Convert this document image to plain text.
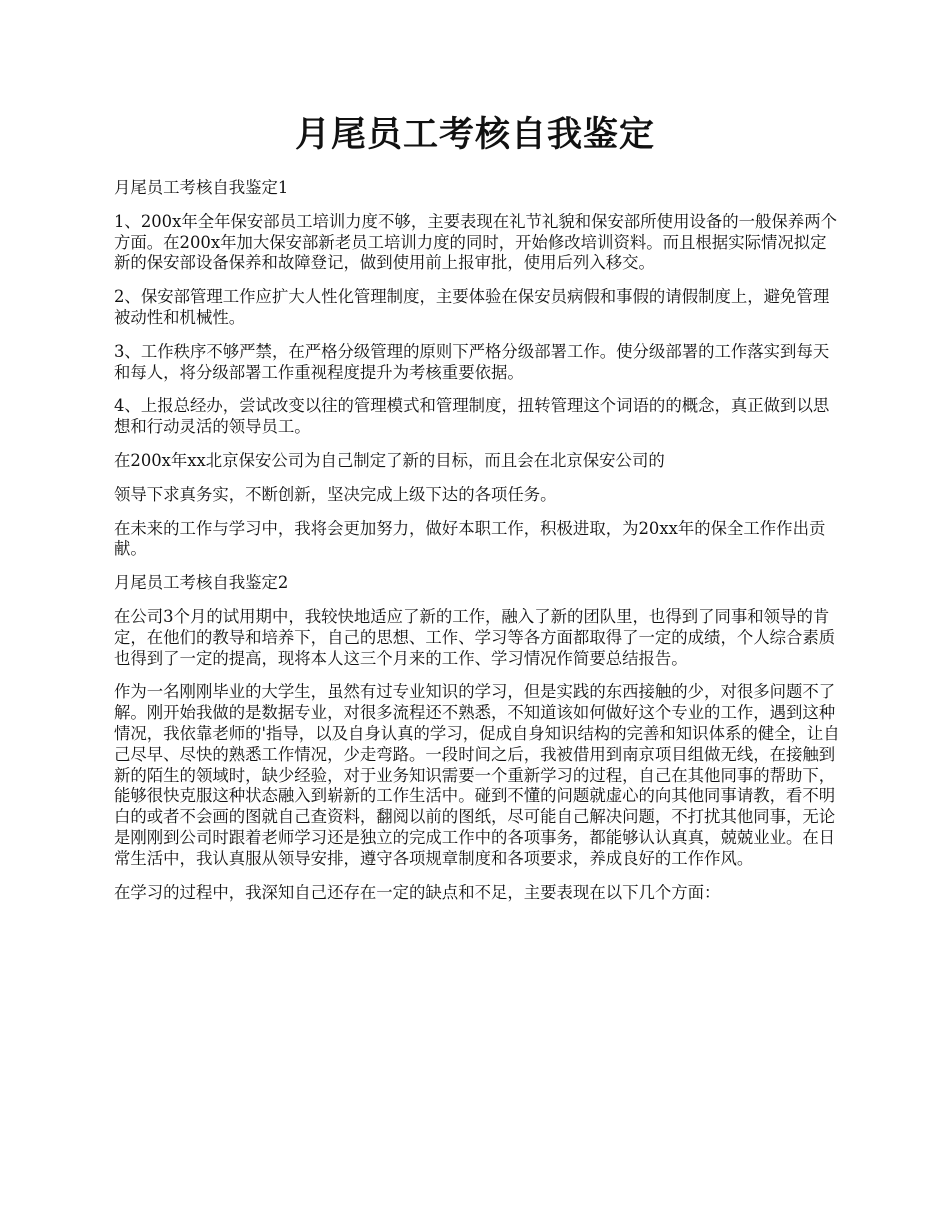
月尾员工考核自我鉴定

月尾员工考核自我鉴定1

1、200x年全年保安部员工培训力度不够，主要表现在礼节礼貌和保安部所使用设备的一般保养两个方面。在200x年加大保安部新老员工培训力度的同时，开始修改培训资料。而且根据实际情况拟定新的保安部设备保养和故障登记，做到使用前上报审批，使用后列入移交。

2、保安部管理工作应扩大人性化管理制度，主要体验在保安员病假和事假的请假制度上，避免管理被动性和机械性。

3、工作秩序不够严禁，在严格分级管理的原则下严格分级部署工作。使分级部署的工作落实到每天和每人，将分级部署工作重视程度提升为考核重要依据。

4、上报总经办，尝试改变以往的管理模式和管理制度，扭转管理这个词语的的概念，真正做到以思想和行动灵活的领导员工。

在200x年xx北京保安公司为自己制定了新的目标，而且会在北京保安公司的

领导下求真务实，不断创新，坚决完成上级下达的各项任务。

在未来的工作与学习中，我将会更加努力，做好本职工作，积极进取，为20xx年的保全工作作出贡献。

月尾员工考核自我鉴定2

在公司3个月的试用期中，我较快地适应了新的工作，融入了新的团队里，也得到了同事和领导的肯定，在他们的教导和培养下，自己的思想、工作、学习等各方面都取得了一定的成绩，个人综合素质也得到了一定的提高，现将本人这三个月来的工作、学习情况作简要总结报告。

作为一名刚刚毕业的大学生，虽然有过专业知识的学习，但是实践的东西接触的少，对很多问题不了解。刚开始我做的是数据专业，对很多流程还不熟悉，不知道该如何做好这个专业的工作，遇到这种情况，我依靠老师的'指导，以及自身认真的学习，促成自身知识结构的完善和知识体系的健全，让自己尽早、尽快的熟悉工作情况，少走弯路。一段时间之后，我被借用到南京项目组做无线，在接触到新的陌生的领域时，缺少经验，对于业务知识需要一个重新学习的过程，自己在其他同事的帮助下，能够很快克服这种状态融入到崭新的工作生活中。碰到不懂的问题就虚心的向其他同事请教，看不明白的或者不会画的图就自己查资料，翻阅以前的图纸，尽可能自己解决问题，不打扰其他同事，无论是刚刚到公司时跟着老师学习还是独立的完成工作中的各项事务，都能够认认真真，兢兢业业。在日常生活中，我认真服从领导安排，遵守各项规章制度和各项要求，养成良好的工作作风。

在学习的过程中，我深知自己还存在一定的缺点和不足，主要表现在以下几个方面：
